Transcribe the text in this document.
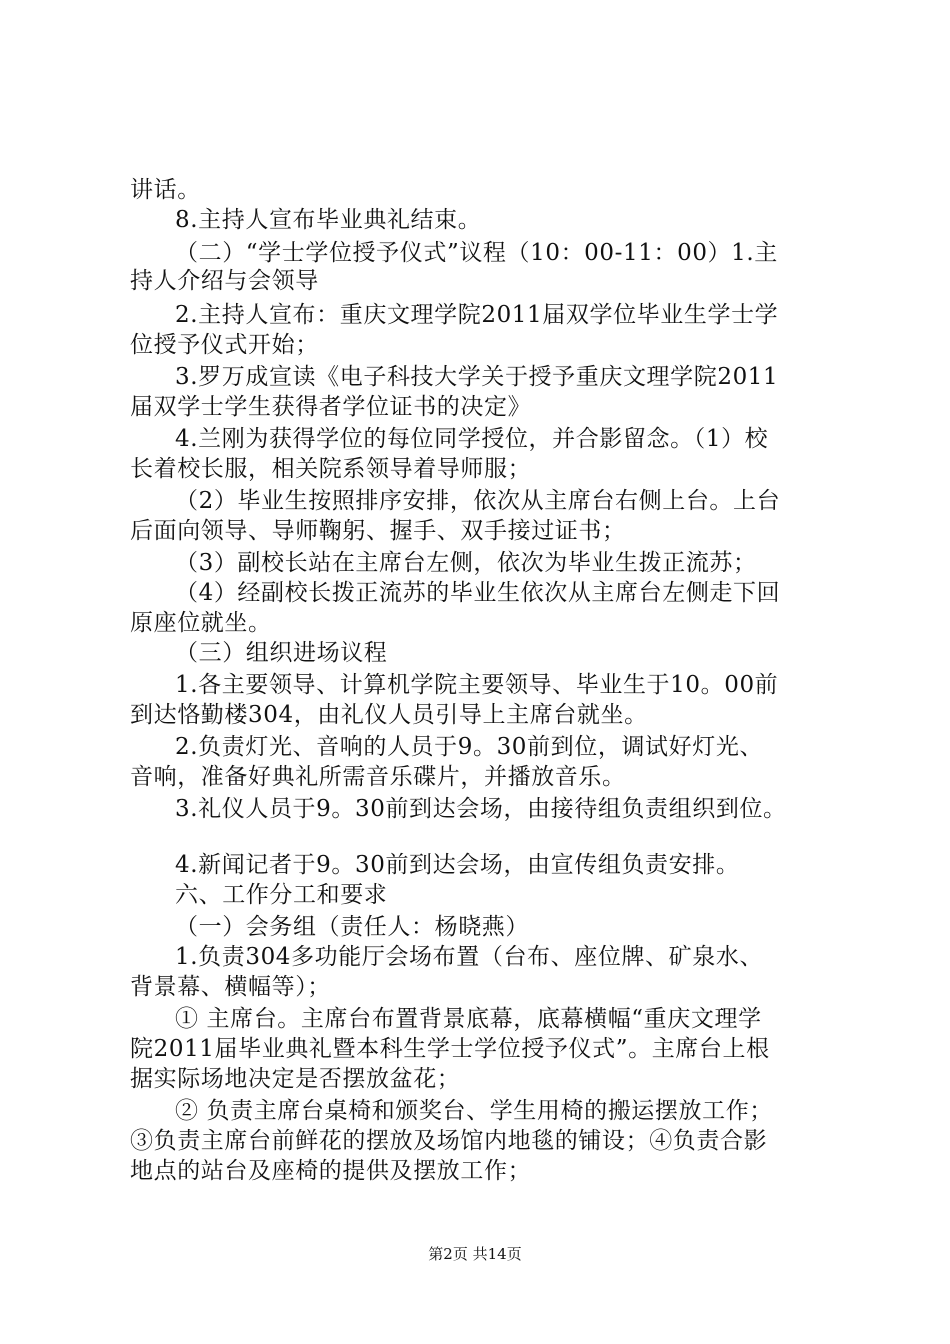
讲话。
8.主持人宣布毕业典礼结束。
（二）“学士学位授予仪式”议程（10：00-11：00）1.主
持人介绍与会领导
2.主持人宣布：重庆文理学院2011届双学位毕业生学士学
位授予仪式开始；
3.罗万成宣读《电子科技大学关于授予重庆文理学院2011
届双学士学生获得者学位证书的决定》
4.兰刚为获得学位的每位同学授位，并合影留念。（1）校
长着校长服，相关院系领导着导师服；
（2）毕业生按照排序安排，依次从主席台右侧上台。上台
后面向领导、导师鞠躬、握手、双手接过证书；
（3）副校长站在主席台左侧，依次为毕业生拨正流苏；
（4）经副校长拨正流苏的毕业生依次从主席台左侧走下回
原座位就坐。
（三）组织进场议程
1.各主要领导、计算机学院主要领导、毕业生于10。00前
到达恪勤楼304，由礼仪人员引导上主席台就坐。
2.负责灯光、音响的人员于9。30前到位，调试好灯光、
音响，准备好典礼所需音乐碟片，并播放音乐。
3.礼仪人员于9。30前到达会场，由接待组负责组织到位。
4.新闻记者于9。30前到达会场，由宣传组负责安排。
六、工作分工和要求
（一）会务组（责任人：杨晓燕）
1.负责304多功能厅会场布置（台布、座位牌、矿泉水、
背景幕、横幅等）；
① 主席台。主席台布置背景底幕，底幕横幅“重庆文理学
院2011届毕业典礼暨本科生学士学位授予仪式”。主席台上根
据实际场地决定是否摆放盆花；
② 负责主席台桌椅和颁奖台、学生用椅的搬运摆放工作；
③负责主席台前鲜花的摆放及场馆内地毯的铺设；④负责合影
地点的站台及座椅的提供及摆放工作；
第2页 共14页
